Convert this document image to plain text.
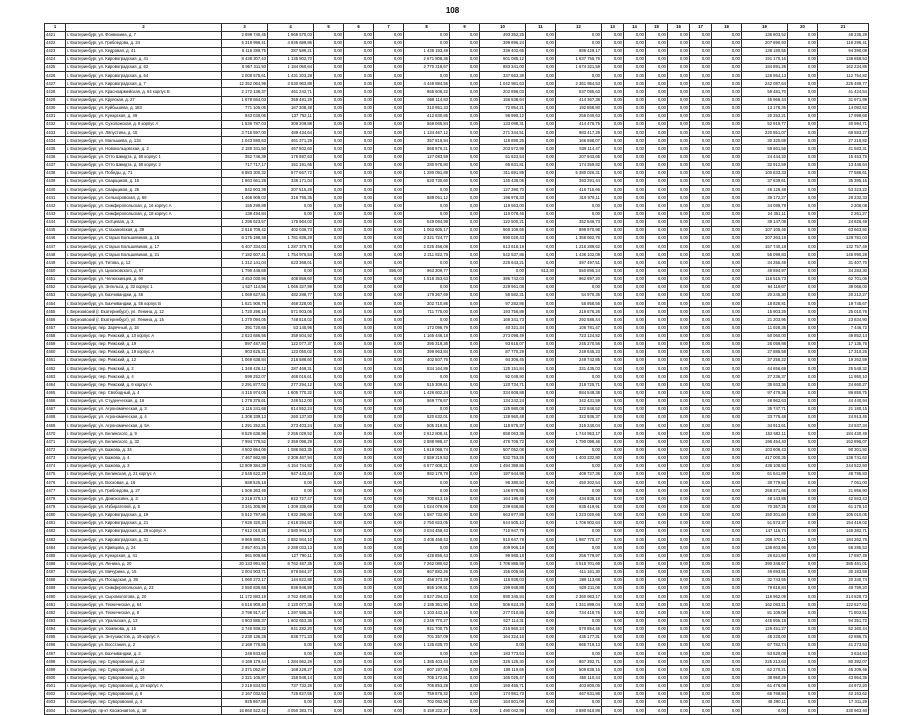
108
1	2	3	4	5	6	7	8	9	10	11	12	13	14	15	16	17	18	19	20	21
4421	г. Екатеринбург, ул. Фонвизина, д. 7	2 699 740,45	1 969 570,03	0,00	0,00	0,00	0,00	0,00	493 352,25	0,00	0,00	0,00	0,00	0,00	0,00	0,00	0,00	136 803,52	0,00	48 235,29
4422	г. Екатеринбург, ул. Грибоедова, д. 24	5 319 998,41	4 935 689,86	0,00	0,00	0,00	0,00	0,00	399 896,24	0,00	0,00	0,00	0,00	0,00	0,00	0,00	0,00	207 890,93	0,00	118 298,41
4423	г. Екатеринбург, ул. Кедровая, д. 41	5 118 289,75	287 589,21	0,00	0,00	0,00	1 435 193,49	0,00	336 402,65	0,00	886 429,17	0,00	0,00	0,00	0,00	0,00	0,00	138 180,55	0,00	94 390,09
4424	г. Екатеринбург, ул. Кировоградская, д. 41	8 438 307,43	1 135 802,70	0,00	0,00	0,00	2 671 808,36	0,00	601 085,12	0,00	1 637 755,76	0,00	0,00	0,00	0,00	0,00	0,00	191 170,16	0,00	136 858,53
4425	г. Екатеринбург, ул. Кировоградская, д. 62	8 967 311,93	1 184 050,64	0,00	0,00	0,00	2 770 218,67	0,00	883 341,00	0,00	1 674 321,59	0,00	0,00	0,00	0,00	0,00	0,00	184 891,28	0,00	162 234,85
4426	г. Екатеринбург, ул. Кировоградская, д. 64	2 008 575,61	1 431 203,28	0,00	0,00	0,00	0,00	0,00	337 663,38	0,00	0,00	0,00	0,00	0,00	0,00	0,00	0,00	126 954,13	0,00	112 754,82
4427	г. Екатеринбург, ул. Кировоградская, д. 7	12 352 064,99	3 530 963,88	0,00	0,00	0,00	4 449 884,55	0,00	1 042 981,63	0,00	2 361 954,53	0,00	0,00	0,00	0,00	0,00	0,00	242 087,64	0,00	225 489,77
4428	г. Екатеринбург, ул. Красноармейская, д. 64 корпус Б	2 172 136,37	461 242,71	0,00	0,00	0,00	865 606,22	0,00	202 896,03	0,00	537 085,63	0,00	0,00	0,00	0,00	0,00	0,00	59 481,70	0,00	41 424,54
4429	г. Екатеринбург, ул. Крупская, д. 27	1 678 554,03	359 481,29	0,00	0,00	0,00	668 114,83	0,00	156 538,64	0,00	414 367,38	0,00	0,00	0,00	0,00	0,00	0,00	45 966,44	0,00	31 971,99
4430	г. Екатеринбург, ул. Куйбышева, д. 183	771 105,06	167 308,48	0,00	0,00	0,00	310 951,33	0,00	72 854,21	0,00	192 858,80	0,00	0,00	0,00	0,00	0,00	0,00	13 176,35	0,00	14 082,52
4431	г. Екатеринбург, ул. Кунарская, д. 49	943 030,06	137 752,11	0,00	0,00	0,00	412 830,85	0,00	96 990,12	0,00	256 040,63	0,00	0,00	0,00	0,00	0,00	0,00	20 253,21	0,00	17 998,66
4432	г. Екатеринбург, ул. Сухоложская, д. 8 корпус А	1 536 787,03	309 209,88	0,00	0,00	0,00	568 065,84	0,00	133 098,31	0,00	414 476,75	0,00	0,00	0,00	0,00	0,00	0,00	52 919,77	0,00	40 994,71
4433	г. Екатеринбург, ул. Ляпустина, д. 15	3 718 597,00	489 434,64	0,00	0,00	0,00	1 134 467,12	0,00	271 344,51	0,00	983 417,29	0,00	0,00	0,00	0,00	0,00	0,00	220 851,07	0,00	68 583,27
4434	г. Екатеринбург, ул. Малышева, д. 134	1 043 590,63	461 371,29	0,00	0,00	0,00	357 819,94	0,00	116 890,25	0,00	166 598,07	0,00	0,00	0,00	0,00	0,00	0,00	30 320,69	0,00	27 219,82
4435	г. Екатеринбург, ул. Новокольцовская, д. 2	2 180 341,50	467 502,60	0,00	0,00	0,00	868 876,21	0,00	203 572,99	0,00	539 114,47	0,00	0,00	0,00	0,00	0,00	0,00	59 661,56	0,00	41 583,31
4436	г. Екатеринбург, ул. Отто Шмидта, д. 50 корпус 1	352 746,39	175 597,63	0,00	0,00	0,00	127 083,59	0,00	51 623,54	0,00	207 943,65	0,00	0,00	0,00	0,00	0,00	0,00	24 444,20	0,00	15 453,78
4437	г. Екатеринбург, ул. Отто Шмидта, д. 50 корпус 2	717 717,17	151 191,65	0,00	0,00	0,00	280 978,80	0,00	65 831,81	0,00	174 359,82	0,00	0,00	0,00	0,00	0,00	0,00	32 912,59	0,00	13 446,64
4438	г. Екатеринбург, ул. Победы, д. 71	8 883 300,32	577 667,72	0,00	0,00	0,00	1 280 091,89	0,00	311 891,89	0,00	5 380 026,31	0,00	0,00	0,00	0,00	0,00	0,00	100 633,33	0,00	77 586,61
4439	г. Екатеринбург, ул. Сварщиков, д. 15	1 863 661,28	336 171,04	0,00	0,00	0,00	620 730,60	0,00	145 436,06	0,00	393 291,44	0,00	0,00	0,00	0,00	0,00	0,00	37 639,61	0,00	35 395,15
4440	г. Екатеринбург, ул. Сварщиков, д. 25	842 903,39	207 515,28	0,00	0,00	0,00	0,00	0,00	127 390,70	0,00	416 715,66	0,00	0,00	0,00	0,00	0,00	0,00	46 126,48	0,00	53 323,22
4441	г. Екатеринбург, ул. Селькоровская, д. 66	1 466 908,02	316 795,35	0,00	0,00	0,00	589 051,12	0,00	196 976,33	0,00	319 976,11	0,00	0,00	0,00	0,00	0,00	0,00	39 172,27	0,00	28 232,33
4442	г. Екатеринбург, ул. Симферопольская, д. 16 корпус А	155 299,89	0,00	0,00	0,00	0,00	0,00	0,00	119 553,00	0,00	0,00	0,00	0,00	0,00	0,00	0,00	0,00	34 099,78	0,00	2 306,08
4443	г. Екатеринбург, ул. Симферопольская, д. 18 корпус А	139 494,84	0,00	0,00	0,00	0,00	0,00	0,00	110 078,46	0,00	0,00	0,00	0,00	0,00	0,00	0,00	0,00	24 351,11	0,00	2 261,27
4444	г. Екатеринбург, ул. Ситцевая, д. 2	1 296 623,57	175 964,02	0,00	0,00	0,00	549 084,99	0,00	122 500,21	0,00	352 546,73	0,00	0,00	0,00	0,00	0,00	0,00	39 147,08	0,00	24 626,49
4445	г. Екатеринбург, ул. Стахановская, д. 39	2 518 709,42	402 036,73	0,00	0,00	0,00	1 062 605,17	0,00	560 109,65	0,00	899 970,96	0,00	0,00	0,00	0,00	0,00	0,00	107 105,46	0,00	63 663,92
4446	г. Екатеринбург, ул. Старых Большевиков, д. 16	6 175 196,48	1 781 836,29	0,00	0,00	0,00	2 321 724,77	0,00	590 028,43	0,00	1 356 662,76	0,00	0,00	0,00	0,00	0,00	0,00	207 363,18	0,00	128 781,03
4447	г. Екатеринбург, ул. Старых Большевиков, д. 17	6 407 334,03	1 287 379,78	0,00	0,00	0,00	2 025 456,08	0,00	613 616,19	0,00	1 216 289,62	0,00	0,00	0,00	0,00	0,00	0,00	157 740,18	0,00	132 757,49
4448	г. Екатеринбург, ул. Старых Большевиков, д. 21	7 182 607,41	1 754 976,54	0,00	0,00	0,00	2 211 822,78	0,00	542 537,86	0,00	1 436 102,08	0,00	0,00	0,00	0,00	0,00	0,00	55 099,83	0,00	146 990,28
4449	г. Екатеринбург, ул. Титова, д. 12	1 312 141,04	623 368,01	0,00	0,00	0,00	0,00	0,00	225 643,21	0,00	397 497,51	0,00	0,00	0,00	0,00	0,00	0,00	34 255,49	0,00	31 407,70
4450	г. Екатеринбург, ул. Циолковского, д. 57	1 799 445,69	0,00	0,00	0,00	595,00	963 309,77	0,00	0,00	613,30	550 895,24	0,00	0,00	0,00	0,00	0,00	0,00	49 894,97	0,00	34 283,30
4451	г. Екатеринбург, ул. Челюскинцев, д. 90	3 453 030,96	408 859,60	0,00	0,00	0,00	1 518 353,63	0,00	395 742,03	0,00	962 697,20	0,00	0,00	0,00	0,00	0,00	0,00	116 515,73	0,00	62 701,06
4452	г. Екатеринбург, ул. Энгельса, д. 32 корпус 1	1 527 114,56	1 065 327,99	0,00	0,00	0,00	0,00	0,00	229 961,08	0,00	0,00	0,00	0,00	0,00	0,00	0,00	0,00	94 116,67	0,00	38 066,00
4453	г. Екатеринбург, ул. Бахчиванджи, д. 46	1 069 627,81	482 288,77	0,00	0,00	0,00	179 367,69	0,00	55 582,31	0,00	54 970,35	0,00	0,00	0,00	0,00	0,00	0,00	20 245,30	0,00	20 212,27
4454	г. Екатеринбург, ул. Бахчиванджи, д. 55 корпус В	1 621 908,76	468 328,00	0,00	0,00	0,00	302 710,86	0,00	97 282,86	0,00	55 958,56	0,00	0,00	0,00	0,00	0,00	0,00	18 828,81	0,00	19 745,67
4455	г. Березовский (г. Екатеринбург), ул. Ленина, д. 12	1 720 296,16	571 903,06	0,00	0,00	0,00	711 775,00	0,00	193 756,89	0,00	219 676,26	0,00	0,00	0,00	0,00	0,00	0,00	15 903,26	0,00	25 010,76
4456	г. Березовский (г. Екатеринбург), ул. Ленина, д. 15	1 270 094,05	748 518,02	0,00	0,00	0,00	0,00	0,00	169 341,73	0,00	292 586,44	0,00	0,00	0,00	0,00	0,00	0,00	21 203,95	0,00	23 834,90
4457	г. Екатеринбург, пер. Заречный, д. 18	391 720,65	53 145,96	0,00	0,00	0,00	172 096,79	0,00	40 321,34	0,00	106 781,47	0,00	0,00	0,00	0,00	0,00	0,00	11 928,36	0,00	7 446,72
4458	г. Екатеринбург, пер. Рижский, д. 10 корпус А	2 623 686,56	359 504,92	0,00	0,00	0,00	1 165 446,18	0,00	273 098,49	0,00	723 124,82	0,00	0,00	0,00	0,00	0,00	0,00	50 060,00	0,00	49 852,14
4459	г. Екатеринбург, пер. Рижский, д. 19	897 487,93	122 077,37	0,00	0,00	0,00	395 318,36	0,00	93 615,07	0,00	245 270,56	0,00	0,00	0,00	0,00	0,00	0,00	25 059,88	0,00	17 135,76
4460	г. Екатеринбург, пер. Рижский, д. 19 корпус А	903 625,21	123 050,02	0,00	0,00	0,00	399 963,84	0,00	87 770,29	0,00	249 645,23	0,00	0,00	0,00	0,00	0,00	0,00	27 885,58	0,00	17 310,25
4461	г. Екатеринбург, пер. Рижский, д. 12	1 069 638,84	216 588,60	0,00	0,00	0,00	402 507,76	0,00	94 306,45	0,00	249 742,85	0,00	0,00	0,00	0,00	0,00	0,00	37 256,22	0,00	19 262,59
4462	г. Екатеринбург, пер. Рижский, д. 2	1 348 426,12	287 469,31	0,00	0,00	0,00	534 164,89	0,00	125 151,84	0,00	331 435,03	0,00	0,00	0,00	0,00	0,00	0,00	44 656,69	0,00	25 548,32
4463	г. Екатеринбург, пер. Рижский, д. 4	599 252,07	468 016,61	0,00	0,00	0,00	0,00	0,00	92 048,90	0,00	0,00	0,00	0,00	0,00	0,00	0,00	0,00	27 236,37	0,00	11 950,10
4464	г. Екатеринбург, пер. Рижский, д. 6 корпус А	2 291 877,02	277 294,12	0,00	0,00	0,00	515 309,61	0,00	120 734,71	0,00	319 725,71	0,00	0,00	0,00	0,00	0,00	0,00	35 933,36	0,00	24 660,27
4465	г. Екатеринбург, пер. Свободный, д. 4	4 315 974,05	1 605 770,32	0,00	0,00	0,00	1 426 602,24	0,00	334 608,88	0,00	884 548,38	0,00	0,00	0,00	0,00	0,00	0,00	97 479,36	0,00	86 850,75
4466	г. Екатеринбург, ул. Студенческая, д. 16	1 278 376,61	246 512,00	0,00	0,00	0,00	569 776,67	0,00	134 242,24	0,00	342 431,59	0,00	0,00	0,00	0,00	0,00	0,00	48 962,63	0,00	44 440,94
4467	г. Екатеринбург, ул. Агрономическая, д. 3	1 116 241,68	614 552,24	0,00	0,00	0,00	0,00	0,00	125 980,08	0,00	322 846,52	0,00	0,00	0,00	0,00	0,00	0,00	35 747,71	0,00	21 180,15
4468	г. Екатеринбург, ул. Агрономическая, д. 4	1 306 339,13	260 137,83	0,00	0,00	0,00	520 632,01	0,00	126 960,48	0,00	322 936,37	0,00	0,00	0,00	0,00	0,00	0,00	33 776,48	0,00	24 913,45
4469	г. Екатеринбург, ул. Агрономическая, д. 5А	1 291 252,31	273 403,24	0,00	0,00	0,00	505 319,81	0,00	118 876,37	0,00	315 240,04	0,00	0,00	0,00	0,00	0,00	0,00	34 913,61	0,00	24 537,34
4470	г. Екатеринбург, ул. Белинского, д. 9	8 526 636,96	2 255 029,52	0,00	0,00	0,00	2 612 808,41	0,00	658 063,36	0,00	1 744 953,17	0,00	0,00	0,00	0,00	0,00	0,00	152 582,11	0,00	184 430,49
4471	г. Екатеринбург, ул. Белинского, д. 32	7 994 779,52	2 359 098,29	0,00	0,00	0,00	2 888 998,47	0,00	476 706,72	0,00	1 790 098,46	0,00	0,00	0,00	0,00	0,00	0,00	198 454,40	0,00	152 895,07
4472	г. Екатеринбург, ул. Бажова, д. 34	4 502 654,06	1 086 563,35	0,00	0,00	0,00	1 616 066,74	0,00	507 052,08	0,00	0,00	0,00	0,00	0,00	0,00	0,00	0,00	103 608,43	0,00	90 301,92
4473	г. Екатеринбург, ул. Бажова, д. 4	7 467 562,86	2 308 467,94	0,00	0,00	0,00	2 559 219,53	0,00	532 753,26	0,00	1 403 232,80	0,00	0,00	0,00	0,00	0,00	0,00	417 000,35	0,00	136 741,62
4474	г. Екатеринбург, ул. Бажова, д. 3	12 909 384,39	4 154 744,82	0,00	0,00	0,00	6 577 608,21	0,00	1 494 399,86	0,00	0,00	0,00	0,00	0,00	0,00	0,00	0,00	438 108,93	0,00	244 522,50
4475	г. Екатеринбург, ул. Белинская, д. 21 корпус А	2 548 622,29	947 443,44	0,00	0,00	0,00	882 179,79	0,00	197 944,98	0,00	409 727,36	0,00	0,00	0,00	0,00	0,00	0,00	61 541,89	0,00	48 785,83
4476	г. Екатеринбург, ул. Восковая, д. 16	588 525,18	0,00	0,00	0,00	0,00	0,00	0,00	96 380,50	0,00	450 302,54	0,00	0,00	0,00	0,00	0,00	0,00	30 779,82	0,00	7 061,00
4477	г. Екатеринбург, ул. Грибоедова, д. 27	1 506 363,49	0,00	0,00	0,00	0,00	0,00	0,00	146 979,85	0,00	0,00	0,00	0,00	0,00	0,00	0,00	0,00	258 371,66	0,00	21 956,90
4478	г. Екатеринбург, ул. Домохозяек, д. 3	2 218 270,13	822 727,47	0,00	0,00	0,00	700 813,15	0,00	164 196,48	0,00	434 835,18	0,00	0,00	0,00	0,00	0,00	0,00	48 143,88	0,00	42 553,43
4479	г. Екатеринбург, ул. Избирателей, д. 5	3 341 305,99	1 309 335,69	0,00	0,00	0,00	1 024 078,06	0,00	239 936,86	0,00	635 419,91	0,00	0,00	0,00	0,00	0,00	0,00	70 357,25	0,00	61 178,10
4480	г. Екатеринбург, ул. Кировоградская, д. 19	5 512 797,86	1 932 395,60	0,00	0,00	0,00	1 587 732,90	0,00	663 977,89	0,00	1 223 020,66	0,00	0,00	0,00	0,00	0,00	0,00	150 301,60	0,00	105 010,05
4481	г. Екатеринбург, ул. Кировоградская, д. 21	7 926 320,34	2 618 294,82	0,00	0,00	0,00	2 750 823,05	0,00	644 505,10	0,00	1 706 802,64	0,00	0,00	0,00	0,00	0,00	0,00	51 573,37	0,00	154 419,02
4482	г. Екатеринбург, ул. Кировоградская, д. 29 корпус А	7 612 010,28	2 580 944,10	0,00	0,00	0,00	3 034 458,43	0,00	710 947,78	0,00	0,00	0,00	0,00	0,00	0,00	0,00	0,00	147 116,74	0,00	146 382,71
4483	г. Екатеринбург, ул. Кировоградская, д. 31	9 969 880,61	2 582 944,10	0,00	0,00	0,00	3 406 458,43	0,00	910 647,78	0,00	1 987 770,47	0,00	0,00	0,00	0,00	0,00	0,00	208 470,11	0,00	184 262,78
4484	г. Екатеринбург, ул. Кривцова, д. 24	2 857 401,25	2 288 033,13	0,00	0,00	0,00	0,00	0,00	409 906,19	0,00	0,00	0,00	0,00	0,00	0,00	0,00	0,00	136 603,96	0,00	56 285,53
4485	г. Екатеринбург, ул. Кунарская, д. 41	961 908,68	127 790,11	0,00	0,00	0,00	425 855,43	0,00	99 985,18	0,00	256 779,97	0,00	0,00	0,00	0,00	0,00	0,00	26 621,60	0,00	17 887,49
4486	г. Екатеринбург, ул. Ленина, д. 20	20 133 991,92	6 762 487,35	0,00	0,00	0,00	7 262 080,62	0,00	1 706 885,59	0,00	4 518 701,69	0,00	0,00	0,00	0,00	0,00	0,00	390 346,67	0,00	385 461,01
4487	г. Екатеринбург, ул. Мичурина, д. 15	2 004 903,71	676 564,27	0,00	0,00	0,00	667 882,26	0,00	155 005,56	0,00	411 161,30	0,00	0,00	0,00	0,00	0,00	0,00	49 693,81	0,00	30 183,59
4488	г. Екатеринбург, ул. Посадская, д. 39	1 060 272,17	144 822,88	0,00	0,00	0,00	456 373,29	0,00	116 938,03	0,00	289 113,68	0,00	0,00	0,00	0,00	0,00	0,00	32 743,55	0,00	20 340,74
4489	г. Екатеринбург, ул. Симферопольская, д. 23	2 550 835,58	836 946,89	0,00	0,00	0,00	855 109,51	0,00	199 948,88	0,00	529 211,06	0,00	0,00	0,00	0,00	0,00	0,00	79 818,84	0,00	49 799,20
4490	г. Екатеринбург, ул. Сыромолотова, д. 20	11 172 883,19	3 762 490,85	0,00	0,00	0,00	3 827 294,43	0,00	890 345,94	0,00	2 360 963,17	0,00	0,00	0,00	0,00	0,00	0,00	116 962,09	0,00	214 828,73
4491	г. Екатеринбург, ул. Техническая, д. 64	6 516 900,40	2 120 077,36	0,00	0,00	0,00	2 185 361,90	0,00	506 624,29	0,00	1 341 899,04	0,00	0,00	0,00	0,00	0,00	0,00	162 083,21	0,00	122 527,62
4492	г. Екатеринбург, ул. Техническая, д. 8	3 798 917,47	1 297 595,36	0,00	0,00	0,00	1 103 442,16	0,00	277 010,86	0,00	734 418,76	0,00	0,00	0,00	0,00	0,00	0,00	81 109,08	0,00	71 802,51
4493	г. Екатеринбург, ул. Уральская, д. 13	4 903 885,37	1 602 653,36	0,00	0,00	0,00	2 249 770,27	0,00	527 114,31	0,00	0,00	0,00	0,00	0,00	0,00	0,00	0,00	445 955,18	0,00	94 351,72
4494	г. Екатеринбург, ул. Хомякова, д. 15	2 740 939,22	841 282,20	0,00	0,00	0,00	921 700,75	0,00	215 960,24	0,00	570 854,46	0,00	0,00	0,00	0,00	0,00	0,00	129 451,27	0,00	52 360,44
4495	г. Екатеринбург, ул. Энтузиастов, д. 19 корпус А	2 230 136,28	838 771,33	0,00	0,00	0,00	701 357,09	0,00	164 324,16	0,00	435 177,31	0,00	0,00	0,00	0,00	0,00	0,00	48 220,00	0,00	42 886,75
4496	г. Екатеринбург, ул. Восстания, д. 2	2 169 776,85	0,00	0,00	0,00	0,00	1 135 635,70	0,00	0,00	0,00	665 719,13	0,00	0,00	0,00	0,00	0,00	0,00	67 782,74	0,00	41 273,53
4497	г. Екатеринбург, ул. Бахчиванджи, д. 2	249 933,62	0,00	0,00	0,00	0,00	0,00	0,00	183 773,53	0,00	0,00	0,00	0,00	0,00	0,00	0,00	0,00	53 520,08	0,00	3 634,63
4498	г. Екатеринбург, пер. Суворовский, д. 12	4 169 179,44	1 284 662,29	0,00	0,00	0,00	1 385 403,44	0,00	326 125,30	0,00	867 392,71	0,00	0,00	0,00	0,00	0,00	0,00	225 213,63	0,00	80 382,07
4499	г. Екатеринбург, пер. Суворовский, д. 14	2 371 052,87	168 228,27	0,00	0,00	0,00	807 197,55	0,00	189 119,65	0,00	509 838,15	0,00	0,00	0,00	0,00	0,00	0,00	62 270,21	0,00	45 209,46
4500	г. Екатеринбург, пер. Суворовский, д. 16	2 321 105,87	159 948,14	0,00	0,00	0,00	705 172,81	0,00	165 025,47	0,00	455 110,44	0,00	0,00	0,00	0,00	0,00	0,00	38 950,29	0,00	43 964,35
4501	г. Екатеринбург, пер. Суворовский, д. 18 корпус А	2 218 834,93	737 732,26	0,00	0,00	0,00	705 853,28	0,00	150 465,71	0,00	403 800,05	0,00	0,00	0,00	0,00	0,00	0,00	61 478,08	0,00	44 672,20
4502	г. Екатеринбург, пер. Суворовский, д. 8	2 167 032,53	725 827,55	0,00	0,00	0,00	759 875,32	0,00	174 981,73	0,00	467 831,86	0,00	0,00	0,00	0,00	0,00	0,00	65 768,84	0,00	42 153,62
4503	г. Екатеринбург, пер. Суворовский, д. 4	925 867,88	0,00	0,00	0,00	0,00	702 082,96	0,00	164 601,09	0,00	0,00	0,00	0,00	0,00	0,00	0,00	0,00	48 290,11	0,00	17 311,29
4504	г. Екатеринбург, пр-кт Космонавтов, д. 18	16 860 522,42	4 050 383,74	0,00	0,00	0,00	6 159 222,27	0,00	1 490 042,99	0,00	3 880 910,89	0,00	0,00	0,00	0,00	0,00	0,00	0,00	0,00	330 963,40
